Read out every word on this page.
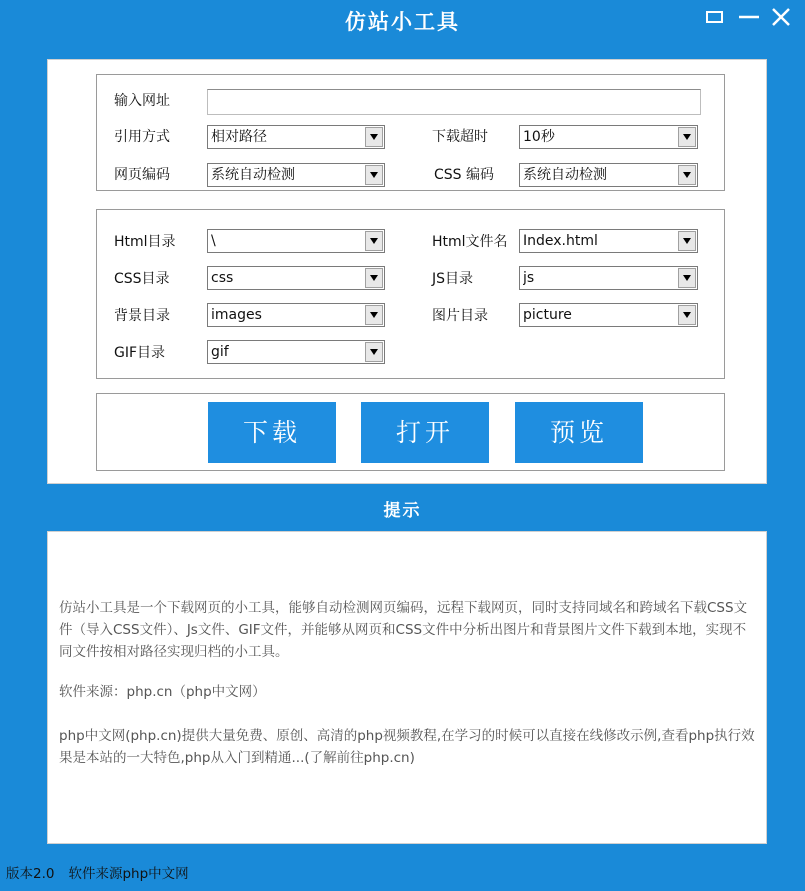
仿站小工具
输入网址
引用方式	相对路径	下载超时	10秒
网页编码	系统自动检测	CSS 编码 系统自动检测
Html目录	\	Html文件名 Index.html
CSS目录	css	JS目录	js
背景目录	images	图片目录	picture
GIF目录	gif
下载	打开	预览
提示

仿站小工具是一个下载网页的小工具，能够自动检测网页编码，远程下载网页，同时支持同域名和跨域名下载CSS文件（导入CSS文件）、Js文件、GIF文件，并能够从网页和CSS文件中分析出图片和背景图片文件下载到本地，实现不同文件按相对路径实现归档的小工具。

软件来源：php.cn（php中文网）

php中文网(php.cn)提供大量免费、原创、高清的php视频教程,在学习的时候可以直接在线修改示例,查看php执行效果是本站的一大特色,php从入门到精通...(了解前往php.cn)

版本2.0 软件来源php中文网
